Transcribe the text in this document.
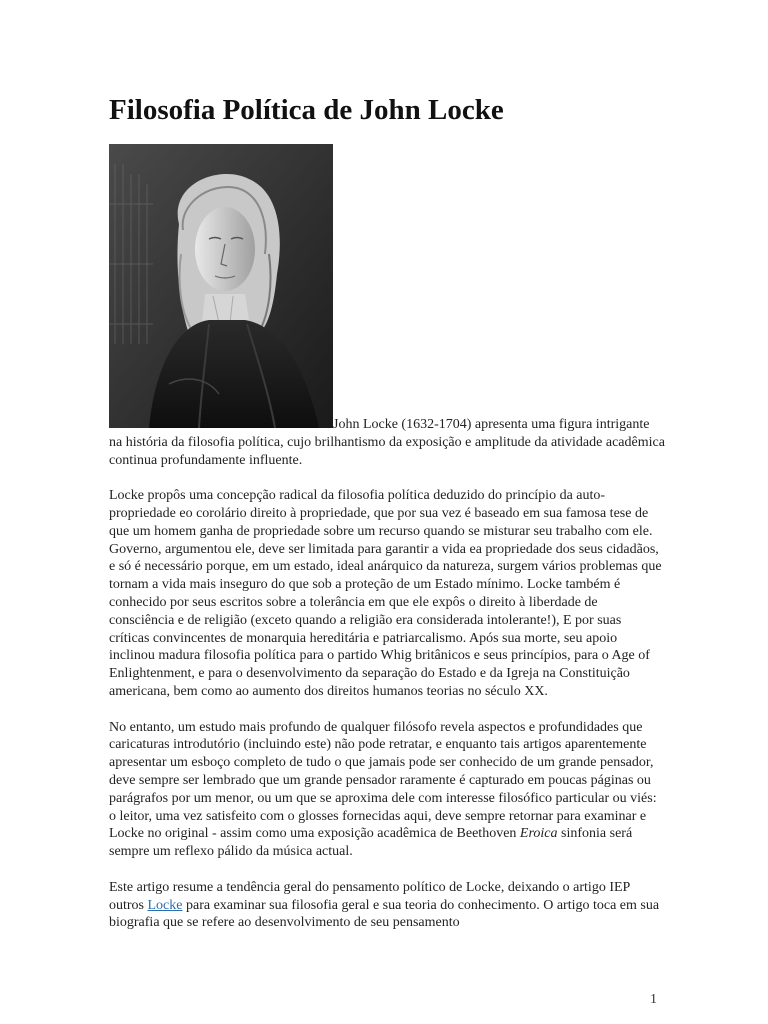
Filosofia Política de John Locke

John Locke (1632-1704) apresenta uma figura intrigante na história da filosofia política, cujo brilhantismo da exposição e amplitude da atividade acadêmica continua profundamente influente.

Locke propôs uma concepção radical da filosofia política deduzido do princípio da auto-propriedade eo corolário direito à propriedade, que por sua vez é baseado em sua famosa tese de que um homem ganha de propriedade sobre um recurso quando se misturar seu trabalho com ele. Governo, argumentou ele, deve ser limitada para garantir a vida ea propriedade dos seus cidadãos, e só é necessário porque, em um estado, ideal anárquico da natureza, surgem vários problemas que tornam a vida mais inseguro do que sob a proteção de um Estado mínimo. Locke também é conhecido por seus escritos sobre a tolerância em que ele expôs o direito à liberdade de consciência e de religião (exceto quando a religião era considerada intolerante!), E por suas críticas convincentes de monarquia hereditária e patriarcalismo. Após sua morte, seu apoio inclinou madura filosofia política para o partido Whig britânicos e seus princípios, para o Age of Enlightenment, e para o desenvolvimento da separação do Estado e da Igreja na Constituição americana, bem como ao aumento dos direitos humanos teorias no século XX.

No entanto, um estudo mais profundo de qualquer filósofo revela aspectos e profundidades que caricaturas introdutório (incluindo este) não pode retratar, e enquanto tais artigos aparentemente apresentar um esboço completo de tudo o que jamais pode ser conhecido de um grande pensador, deve sempre ser lembrado que um grande pensador raramente é capturado em poucas páginas ou parágrafos por um menor, ou um que se aproxima dele com interesse filosófico particular ou viés: o leitor, uma vez satisfeito com o glosses fornecidas aqui, deve sempre retornar para examinar e Locke no original - assim como uma exposição acadêmica de Beethoven Eroica sinfonia será sempre um reflexo pálido da música actual.

Este artigo resume a tendência geral do pensamento político de Locke, deixando o artigo IEP outros Locke para examinar sua filosofia geral e sua teoria do conhecimento. O artigo toca em sua biografia que se refere ao desenvolvimento de seu pensamento

1
